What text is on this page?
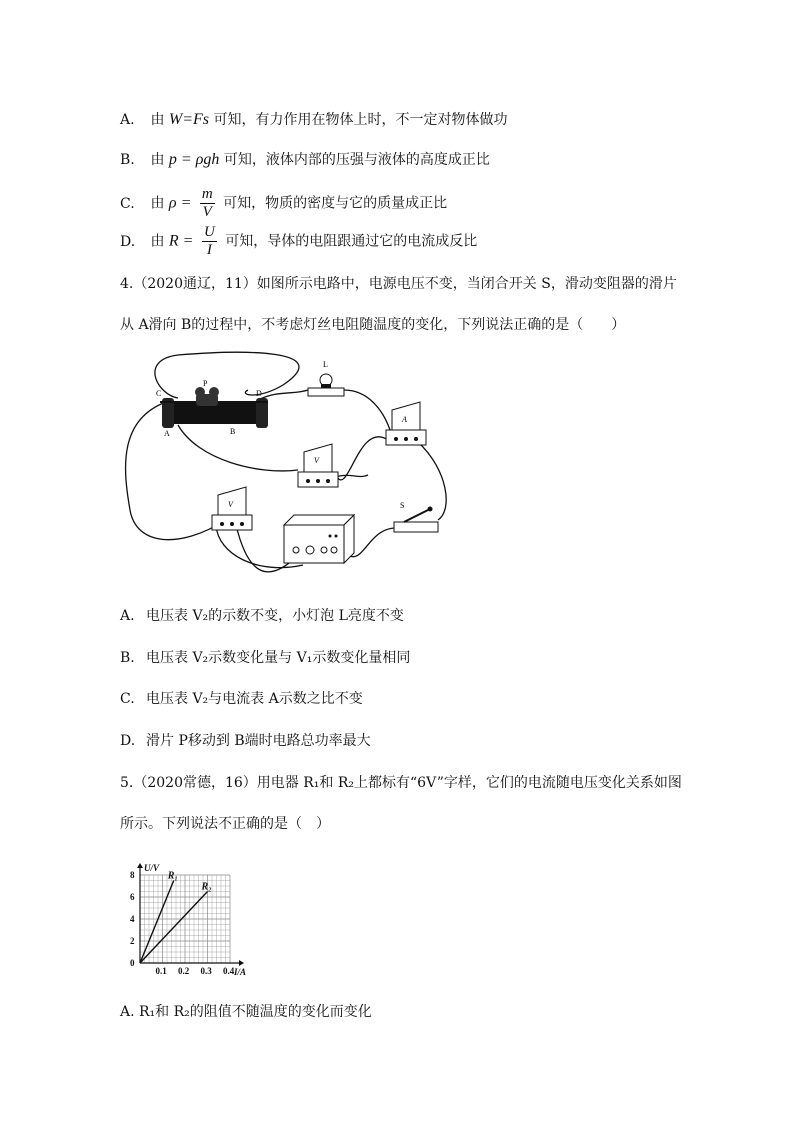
A. 由 W=Fs 可知，有力作用在物体上时，不一定对物体做功
B. 由 p = ρgh 可知，液体内部的压强与液体的高度成正比
C. 由 $\rho = \frac{m}{V}$ 可知，物质的密度与它的质量成正比
D. 由 $R = \frac{U}{I}$ 可知，导体的电阻跟通过它的电流成反比
4.（2020通辽，11）如图所示电路中，电源电压不变，当闭合开关 S，滑动变阻器的滑片
从 A滑向 B的过程中，不考虑灯丝电阻随温度的变化，下列说法正确的是（　　）
C
P
D
A	B
L
A
V
V	S
电压表 V₂的示数不变，小灯泡 L亮度不变
A.
电压表 V₂示数变化量与 V₁示数变化量相同
B.
电压表 V₂与电流表 A示数之比不变
C.
滑片 P移动到 B端时电路总功率最大
D.
5.（2020常德，16）用电器 R₁和 R₂上都标有“6V”字样，它们的电流随电压变化关系如图
所示。下列说法不正确的是（　）
0.1 0.2 0.3 0.4
0
2
4
6
8
I/A
U/V
R₁
R₂
A. R₁和 R₂的阻值不随温度的变化而变化
